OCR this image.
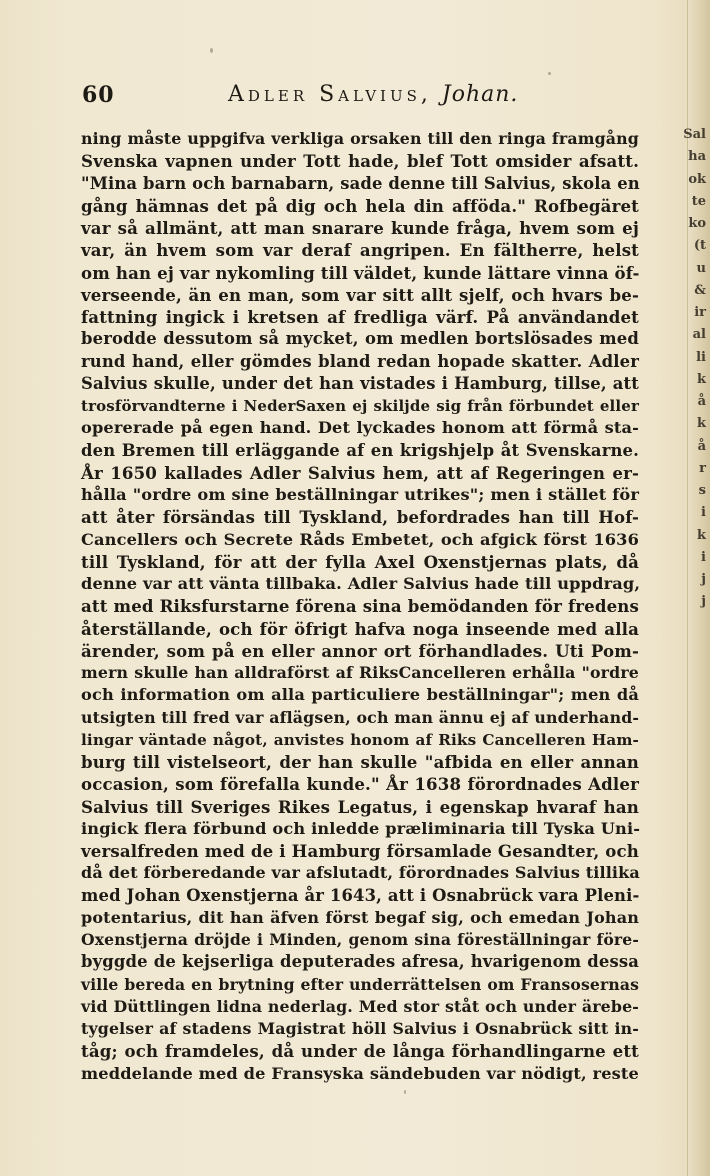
60	Adler Salvius, Johan.
ning måste uppgifva verkliga orsaken till den ringa framgång
Svenska vapnen under Tott hade, blef Tott omsider afsatt.
"Mina barn och barnabarn, sade denne till Salvius, skola en
gång hämnas det på dig och hela din afföda." Rofbegäret
var så allmänt, att man snarare kunde fråga, hvem som ej
var, än hvem som var deraf angripen. En fältherre, helst
om han ej var nykomling till väldet, kunde lättare vinna öf-
verseende, än en man, som var sitt allt sjelf, och hvars be-
fattning ingick i kretsen af fredliga värf. På användandet
berodde dessutom så mycket, om medlen bortslösades med
rund hand, eller gömdes bland redan hopade skatter. Adler
Salvius skulle, under det han vistades i Hamburg, tillse, att
trosförvandterne i NederSaxen ej skiljde sig från förbundet eller
opererade på egen hand. Det lyckades honom att förmå sta-
den Bremen till erläggande af en krigshjelp åt Svenskarne.
År 1650 kallades Adler Salvius hem, att af Regeringen er-
hålla "ordre om sine beställningar utrikes"; men i stället för
att åter försändas till Tyskland, befordrades han till Hof-
Cancellers och Secrete Råds Embetet, och afgick först 1636
till Tyskland, för att der fylla Axel Oxenstjernas plats, då
denne var att vänta tillbaka. Adler Salvius hade till uppdrag,
att med Riksfurstarne förena sina bemödanden för fredens
återställande, och för öfrigt hafva noga inseende med alla
ärender, som på en eller annor ort förhandlades. Uti Pom-
mern skulle han alldraförst af RiksCancelleren erhålla "ordre
och information om alla particuliere beställningar"; men då
utsigten till fred var aflägsen, och man ännu ej af underhand-
lingar väntade något, anvistes honom af Riks Cancelleren Ham-
burg till vistelseort, der han skulle "afbida en eller annan
occasion, som förefalla kunde." År 1638 förordnades Adler
Salvius till Sveriges Rikes Legatus, i egenskap hvaraf han
ingick flera förbund och inledde præliminaria till Tyska Uni-
versalfreden med de i Hamburg församlade Gesandter, och
då det förberedande var afslutadt, förordnades Salvius tillika
med Johan Oxenstjerna år 1643, att i Osnabrück vara Pleni-
potentarius, dit han äfven först begaf sig, och emedan Johan
Oxenstjerna dröjde i Minden, genom sina föreställningar före-
byggde de kejserliga deputerades afresa, hvarigenom dessa
ville bereda en brytning efter underrättelsen om Fransosernas
vid Düttlingen lidna nederlag. Med stor ståt och under ärebe-
tygelser af stadens Magistrat höll Salvius i Osnabrück sitt in-
tåg; och framdeles, då under de långa förhandlingarne ett
meddelande med de Fransyska sändebuden var nödigt, reste
Sal
ha
ok
te
ko
(t
u
&
ir
al
li
k
å
k
å
r
s
i
k
i
j
j
